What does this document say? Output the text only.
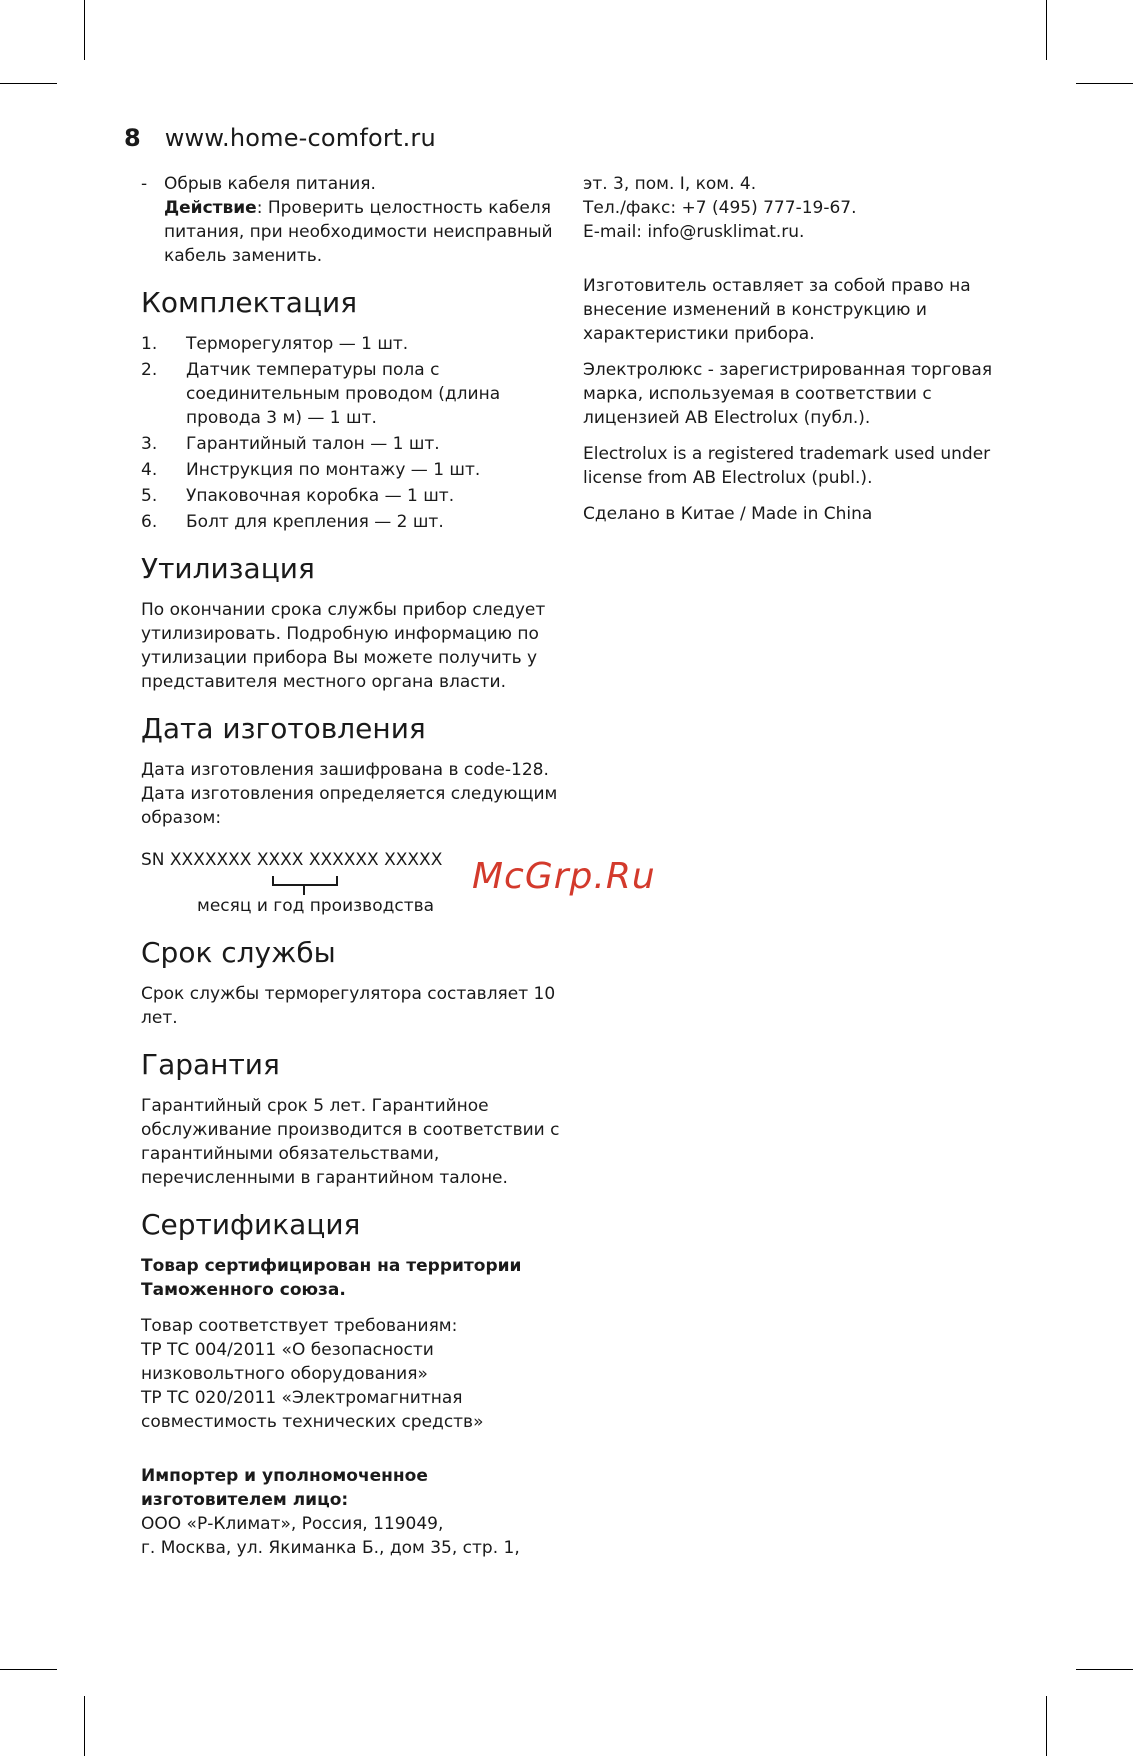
8 www.home-comfort.ru
- Обрыв кабеля питания.
Действие: Проверить целостность кабеля питания, при необходимости неисправный кабель заменить.
Комплектация
1. Терморегулятор — 1 шт.
2. Датчик температуры пола с соединительным проводом (длина провода 3 м) — 1 шт.
3. Гарантийный талон — 1 шт.
4. Инструкция по монтажу — 1 шт.
5. Упаковочная коробка — 1 шт.
6. Болт для крепления — 2 шт.
Утилизация

По окончании срока службы прибор следует утилизировать. Подробную информацию по утилизации прибора Вы можете получить у представителя местного органа власти.

Дата изготовления

Дата изготовления зашифрована в code-128. Дата изготовления определяется следующим образом:

SN XXXXXXX XXXX XXXXXX XXXXX

месяц и год производства

Срок службы

Срок службы терморегулятора составляет 10 лет.

Гарантия

Гарантийный срок 5 лет. Гарантийное обслуживание производится в соответствии с гарантийными обязательствами, перечисленными в гарантийном талоне.

Сертификация

Товар сертифицирован на территории Таможенного союза.

Товар соответствует требованиям:
ТР ТС 004/2011 «О безопасности низковольтного оборудования»
ТР ТС 020/2011 «Электромагнитная совместимость технических средств»

Импортер и уполномоченное изготовителем лицо:
ООО «Р-Климат», Россия, 119049,
г. Москва, ул. Якиманка Б., дом 35, стр. 1,

эт. 3, пом. I, ком. 4.
Тел./факс: +7 (495) 777-19-67.
E-mail: info@rusklimat.ru.

Изготовитель оставляет за собой право на внесение изменений в конструкцию и характеристики прибора.

Электролюкс - зарегистрированная торговая марка, используемая в соответствии с лицензией АВ Electrolux (публ.).

Electrolux is a registered trademark used under license from AB Electrolux (publ.).

Сделано в Китае / Made in China

McGrp.Ru
